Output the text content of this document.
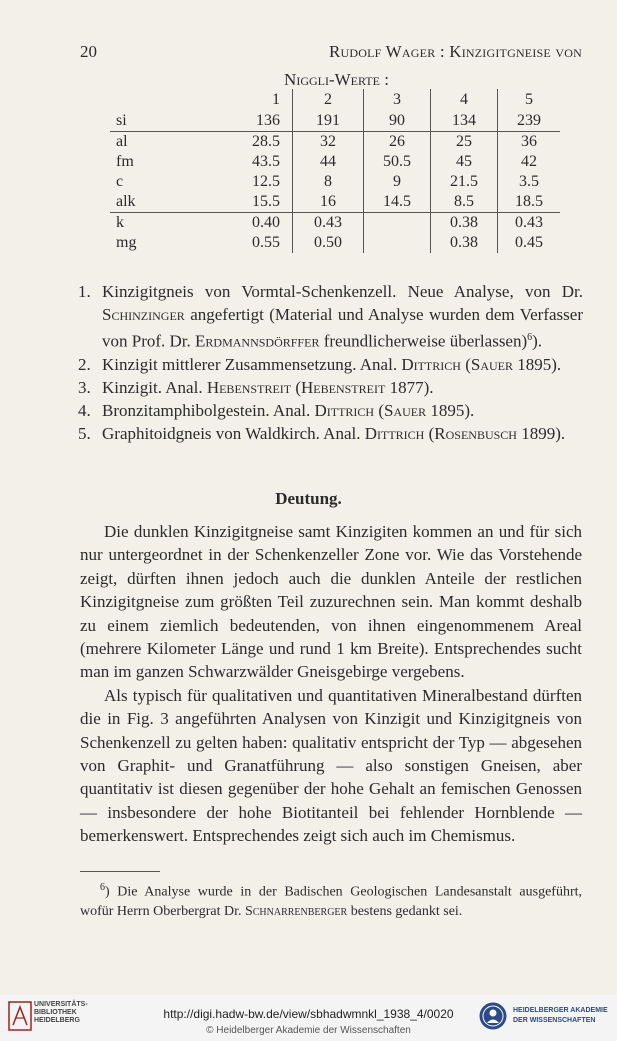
20	Rudolf Wager : Kinzigitgneise von
Niggli-Werte :
	1	2	3	4	5
si	136	191	90	134	239
al	28.5	32	26	25	36
fm	43.5	44	50.5	45	42
c	12.5	8	9	21.5	3.5
alk	15.5	16	14.5	8.5	18.5
k	0.40	0.43		0.38	0.43
mg	0.55	0.50		0.38	0.45
1. Kinzigitgneis von Vormtal-Schenkenzell. Neue Analyse, von Dr. Schinzinger angefertigt (Material und Analyse wurden dem Verfasser von Prof. Dr. Erdmannsdörffer freundlicherweise überlassen)$^6$).
2. Kinzigit mittlerer Zusammensetzung. Anal. Dittrich (Sauer 1895).
3. Kinzigit. Anal. Hebenstreit (Hebenstreit 1877).
4. Bronzitamphibolgestein. Anal. Dittrich (Sauer 1895).
5. Graphitoidgneis von Waldkirch. Anal. Dittrich (Rosenbusch 1899).
Deutung.

Die dunklen Kinzigitgneise samt Kinzigiten kommen an und für sich nur untergeordnet in der Schenkenzeller Zone vor. Wie das Vorstehende zeigt, dürften ihnen jedoch auch die dunklen Anteile der restlichen Kinzigitgneise zum größten Teil zuzurechnen sein. Man kommt deshalb zu einem ziemlich bedeutenden, von ihnen eingenommenem Areal (mehrere Kilometer Länge und rund 1 km Breite). Entsprechendes sucht man im ganzen Schwarzwälder Gneisgebirge vergebens.

Als typisch für qualitativen und quantitativen Mineralbestand dürften die in Fig. 3 angeführten Analysen von Kinzigit und Kinzigitgneis von Schenkenzell zu gelten haben: qualitativ entspricht der Typ — abgesehen von Graphit- und Granatführung — also sonstigen Gneisen, aber quantitativ ist diesen gegenüber der hohe Gehalt an femischen Genossen — insbesondere der hohe Biotitanteil bei fehlender Hornblende — bemerkenswert. Entsprechendes zeigt sich auch im Chemismus.

$^6$) Die Analyse wurde in der Badischen Geologischen Landesanstalt ausgeführt, wofür Herrn Oberbergrat Dr. Schnarrenberger bestens gedankt sei.
UNIVERSITÄTS-
BIBLIOTHEK
HEIDELBERG	http://digi.hadw-bw.de/view/sbhadwmnkl_1938_4/0020
© Heidelberger Akademie der Wissenschaften
HEIDELBERGER AKADEMIE
DER WISSENSCHAFTEN
